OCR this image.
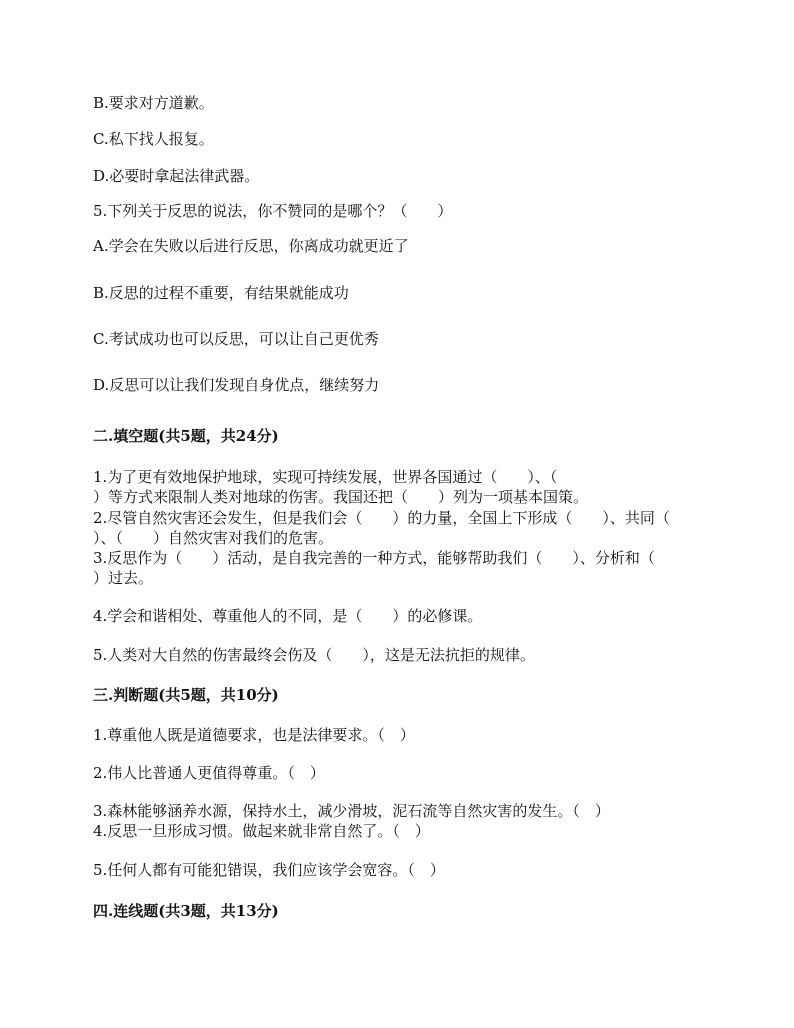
B.要求对方道歉。
C.私下找人报复。
D.必要时拿起法律武器。
5.下列关于反思的说法，你不赞同的是哪个？（　　）
A.学会在失败以后进行反思，你离成功就更近了
B.反思的过程不重要，有结果就能成功
C.考试成功也可以反思，可以让自己更优秀
D.反思可以让我们发现自身优点，继续努力
二.填空题(共5题，共24分)
1.为了更有效地保护地球，实现可持续发展，世界各国通过（　　）、（
）等方式来限制人类对地球的伤害。我国还把（　　）列为一项基本国策。
2.尽管自然灾害还会发生，但是我们会（　　）的力量，全国上下形成（　　）、共同（
）、（　　）自然灾害对我们的危害。
3.反思作为（　　）活动，是自我完善的一种方式，能够帮助我们（　　）、分析和（
）过去。
4.学会和谐相处、尊重他人的不同，是（　　）的必修课。
5.人类对大自然的伤害最终会伤及（　　），这是无法抗拒的规律。
三.判断题(共5题，共10分)
1.尊重他人既是道德要求，也是法律要求。（　）
2.伟人比普通人更值得尊重。（　）
3.森林能够涵养水源，保持水土，减少滑坡，泥石流等自然灾害的发生。（　）
4.反思一旦形成习惯。做起来就非常自然了。（　）
5.任何人都有可能犯错误，我们应该学会宽容。（　）
四.连线题(共3题，共13分)
